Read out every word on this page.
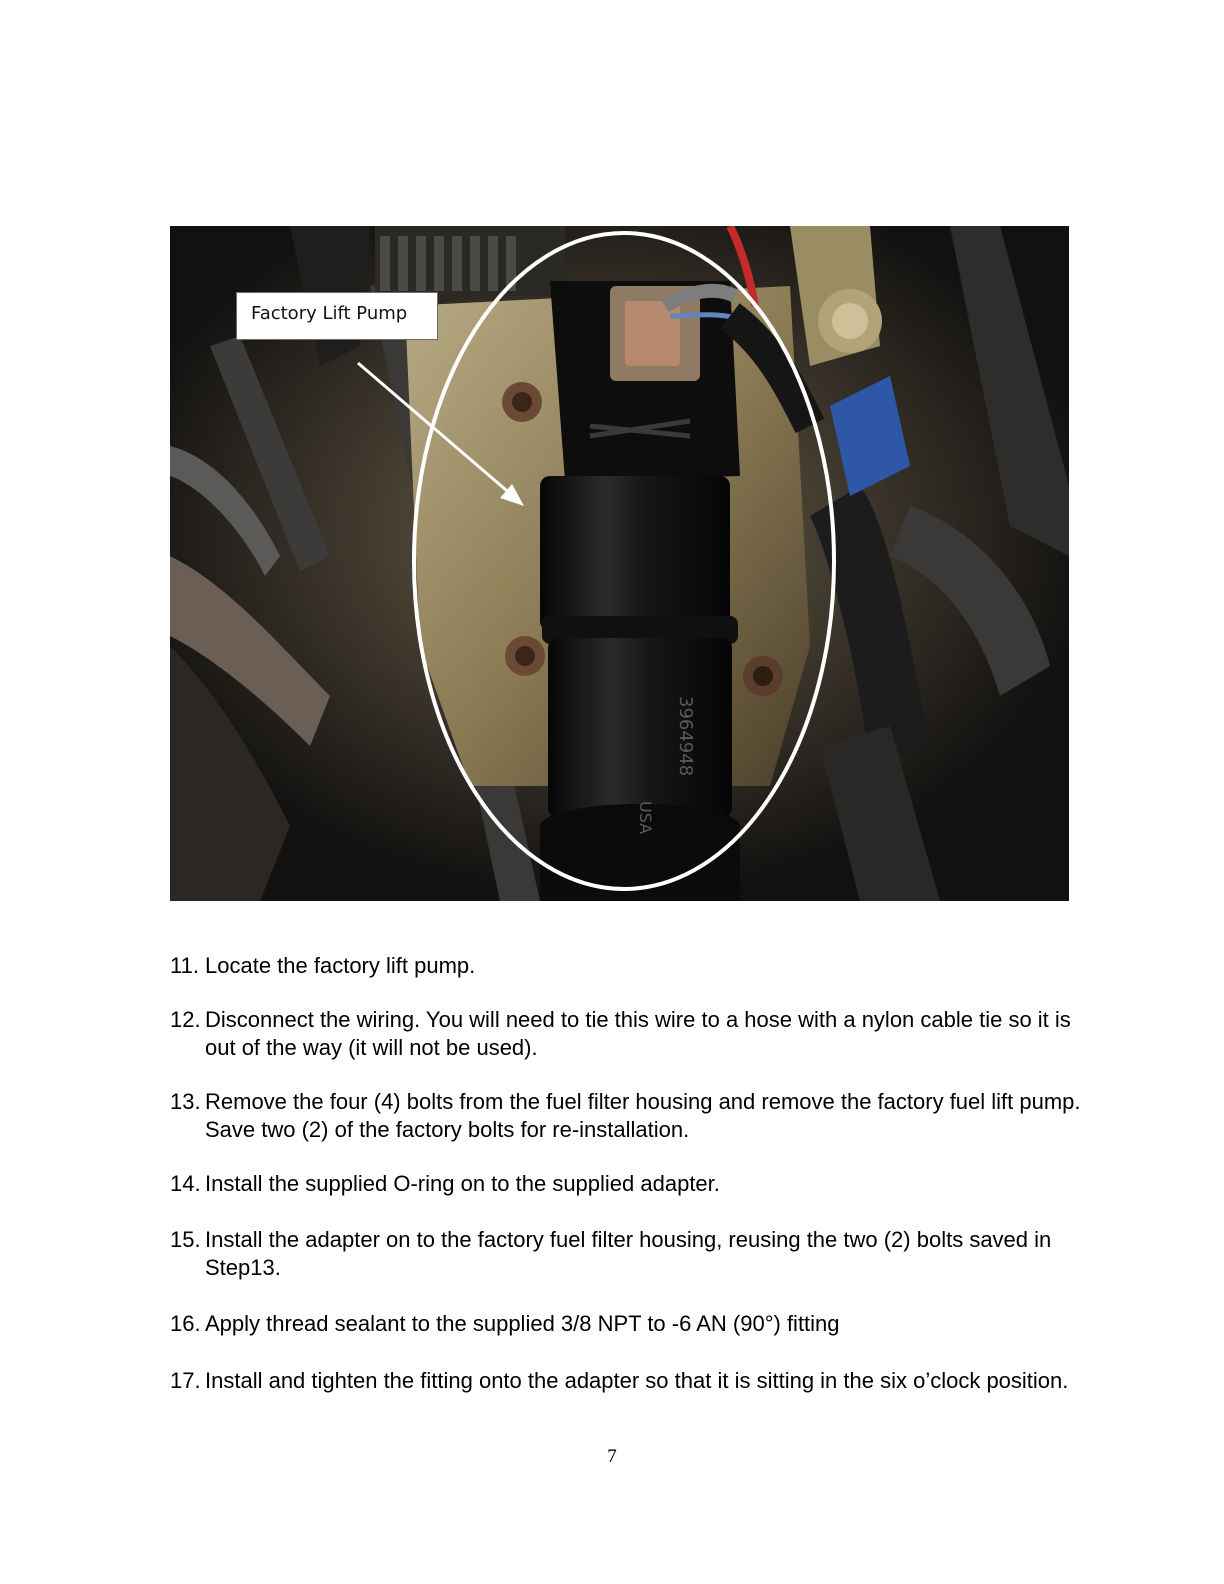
3964948
USA
Factory Lift Pump
11. Locate the factory lift pump.
12. Disconnect the wiring. You will need to tie this wire to a hose with a nylon cable tie so it is out of the way (it will not be used).
13. Remove the four (4) bolts from the fuel filter housing and remove the factory fuel lift pump. Save two (2) of the factory bolts for re-installation.
14. Install the supplied O-ring on to the supplied adapter.
15. Install the adapter on to the factory fuel filter housing, reusing the two (2) bolts saved in Step13.
16. Apply thread sealant to the supplied 3/8 NPT to -6 AN (90°) fitting
17. Install and tighten the fitting onto the adapter so that it is sitting in the six o’clock position.
7
